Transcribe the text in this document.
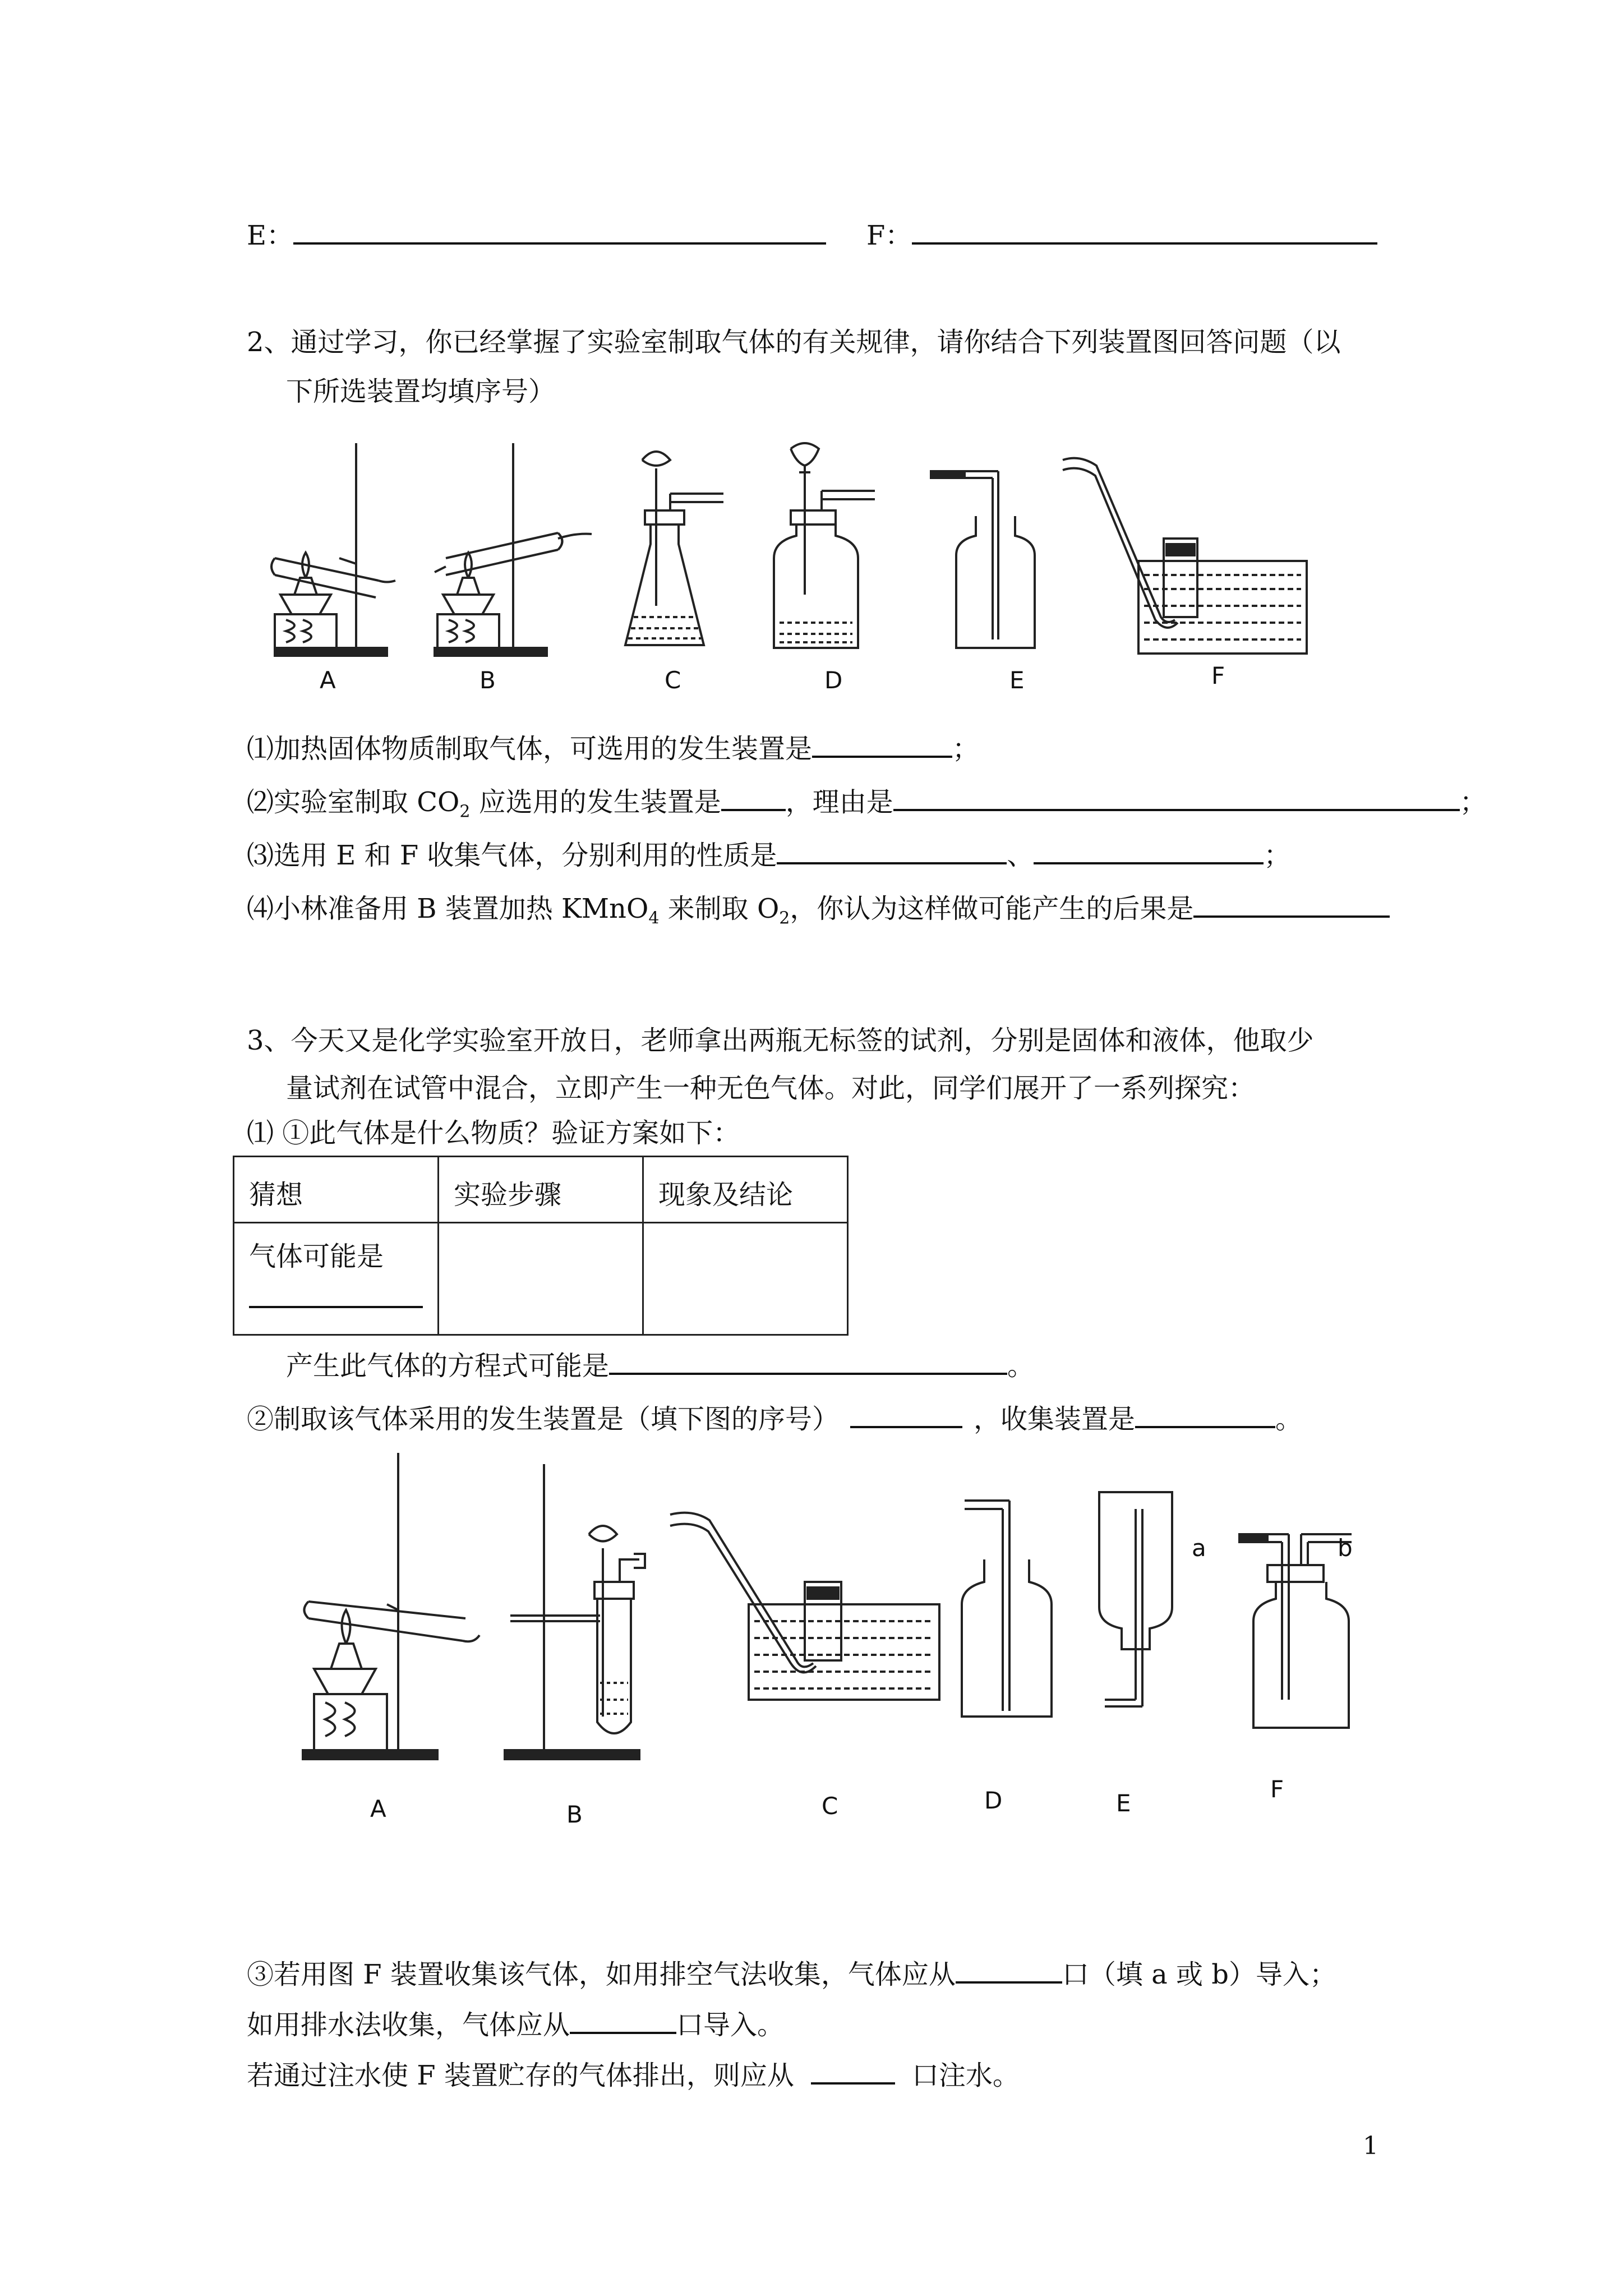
E：	F：
2、通过学习，你已经掌握了实验室制取气体的有关规律，请你结合下列装置图回答问题（以
下所选装置均填序号）
A	B	C	D	E	F
⑴加热固体物质制取气体，可选用的发生装置是	；
⑵实验室制取 $CO_2$ 应选用的发生装置是 ，理由是	；
⑶选用 E 和 F 收集气体，分别利用的性质是	、	；
⑷小林准备用 B 装置加热 KMnO$_4$ 来制取 $O_2$，你认为这样做可能产生的后果是
3、今天又是化学实验室开放日，老师拿出两瓶无标签的试剂，分别是固体和液体，他取少
量试剂在试管中混合，立即产生一种无色气体。对此，同学们展开了一系列探究：
⑴ ①此气体是什么物质？验证方案如下：
猜想	实验步骤	现象及结论

气体可能是		

产生此气体的方程式可能是	。
②制取该气体采用的发生装置是（填下图的序号）	，收集装置是	。
a	b
A	B	C	D	E
F
③若用图 F 装置收集该气体，如用排空气法收集，气体应从	口（填 a 或 b）导入；
如用排水法收集，气体应从	口导入。
若通过注水使 F 装置贮存的气体排出，则应从	口注水。
1
